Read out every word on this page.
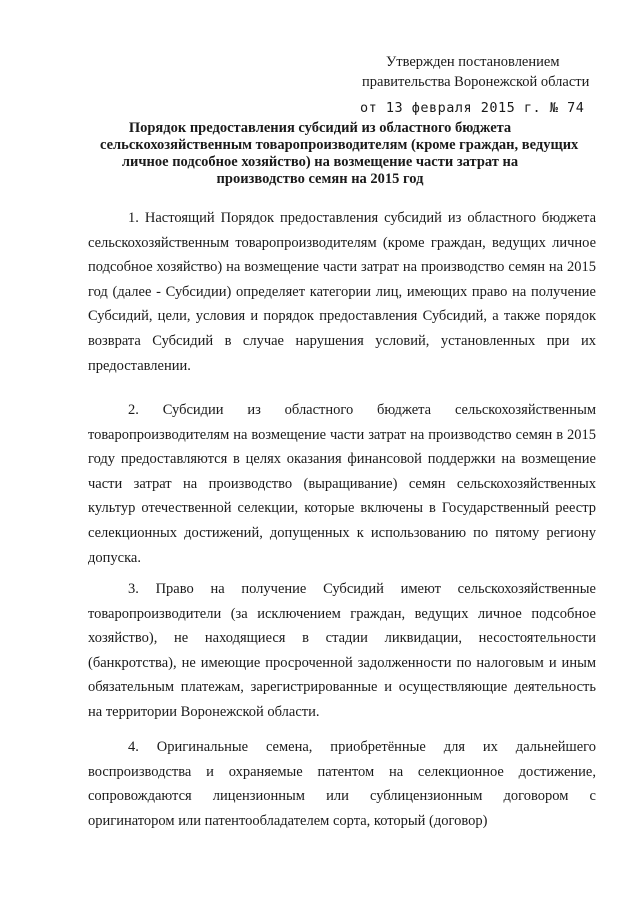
Утвержден постановлением
правительства Воронежской области
от 13 февраля 2015 г. № 74
Порядок предоставления субсидий из областного бюджета
сельскохозяйственным товаропроизводителям (кроме граждан, ведущих
личное подсобное хозяйство) на возмещение части затрат на
производство семян на 2015 год

1. Настоящий Порядок предоставления субсидий из областного бюджета сельскохозяйственным товаропроизводителям (кроме граждан, ведущих личное подсобное хозяйство) на возмещение части затрат на производство семян на 2015 год (далее - Субсидии) определяет категории лиц, имеющих право на получение Субсидий, цели, условия и порядок предоставления Субсидий, а также порядок возврата Субсидий в случае нарушения условий, установленных при их предоставлении.

2. Субсидии из областного бюджета сельскохозяйственным товаропроизводителям на возмещение части затрат на производство семян в 2015 году предоставляются в целях оказания финансовой поддержки на возмещение части затрат на производство (выращивание) семян сельскохозяйственных культур отечественной селекции, которые включены в Государственный реестр селекционных достижений, допущенных к использованию по пятому региону допуска.

3. Право на получение Субсидий имеют сельскохозяйственные товаропроизводители (за исключением граждан, ведущих личное подсобное хозяйство), не находящиеся в стадии ликвидации, несостоятельности (банкротства), не имеющие просроченной задолженности по налоговым и иным обязательным платежам, зарегистрированные и осуществляющие деятельность на территории Воронежской области.

4. Оригинальные семена, приобретённые для их дальнейшего воспроизводства и охраняемые патентом на селекционное достижение, сопровождаются лицензионным или сублицензионным договором с оригинатором или патентообладателем сорта, который (договор)
